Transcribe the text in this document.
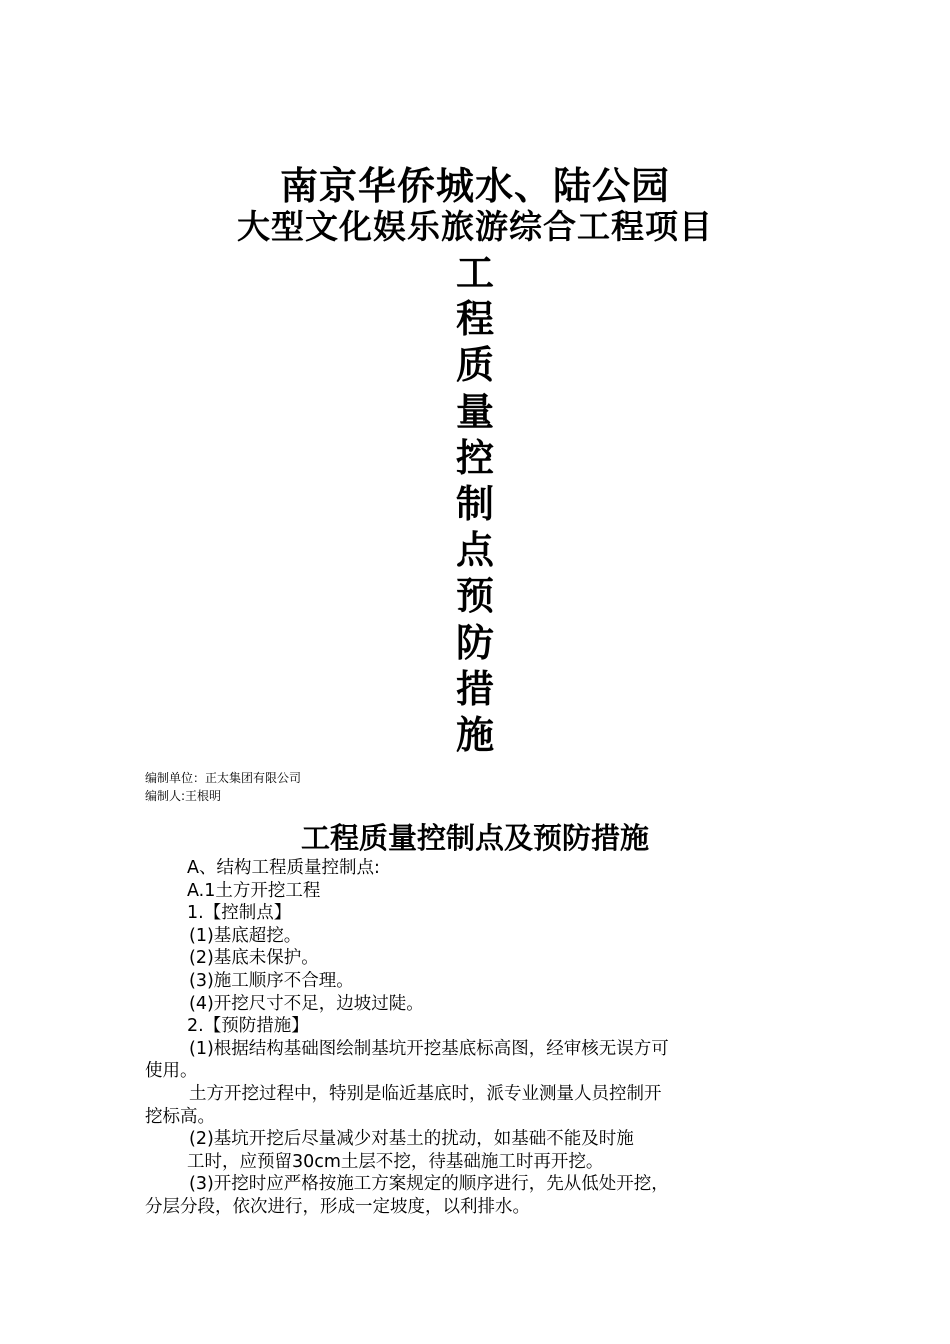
南京华侨城水、陆公园
大型文化娱乐旅游综合工程项目
工程质量控制点预防措施
编制单位：正太集团有限公司
编制人:王根明
工程质量控制点及预防措施

A、结构工程质量控制点:

A.1土方开挖工程

1.【控制点】

(1)基底超挖。

(2)基底未保护。

(3)施工顺序不合理。

(4)开挖尺寸不足，边坡过陡。

2.【预防措施】

(1)根据结构基础图绘制基坑开挖基底标高图，经审核无误方可

使用。

土方开挖过程中，特别是临近基底时，派专业测量人员控制开

挖标高。

(2)基坑开挖后尽量减少对基土的扰动，如基础不能及时施

工时，应预留30cm土层不挖，待基础施工时再开挖。

(3)开挖时应严格按施工方案规定的顺序进行，先从低处开挖，

分层分段，依次进行，形成一定坡度，以利排水。
